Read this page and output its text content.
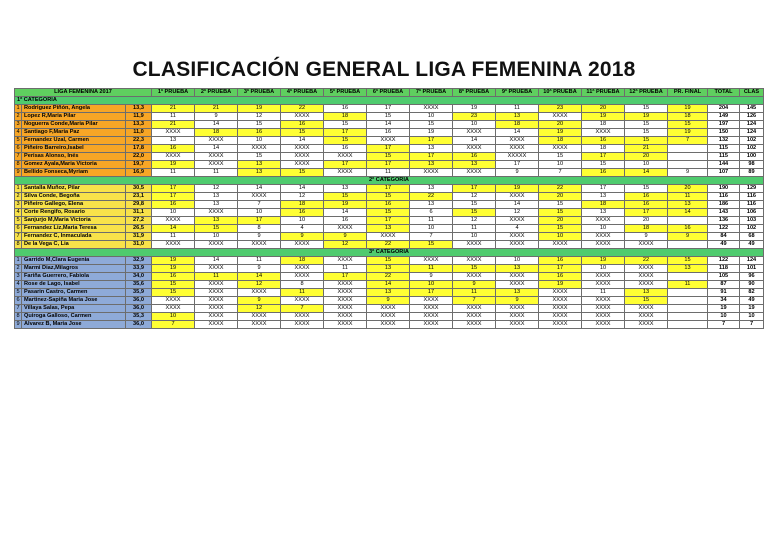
CLASIFICACIÓN GENERAL LIGA FEMENINA 2018
LIGA FEMENINA 2017			1ª PRUEBA	2ª PRUEBA	3ª PRUEBA	4ª PRUEBA	5ª PRUEBA	6ª PRUEBA	7ª PRUEBA	8ª PRUEBA	9ª PRUEBA	10ª PRUEBA	11ª PRUEBA	12ª PRUEBA	PR. FINAL	TOTAL	CLAS
1ª CATEGORIA																	
1	Rodriguez Piñón, Angela	13,3	21	21	19	22	16	17	XXXX	19	11	23	20	15	19	204	145
2	Lopez R,Maria Pilar	11,9	11	9	12	XXXX	18	15	10	23	13	XXXX	19	19	18	149	126
3	Noguerra Conde,Maria Pilar	13,3	21	14	15	16	15	14	15	10	18	20	18	15	15	197	124
4	Santiago F,Maria Paz	11,0	XXXX	18	16	15	17	16	19	XXXX	14	19	XXXX	15	19	150	124
5	Fernandez Uzal, Carmen	22,3	13	XXXX	10	14	15	XXXX	17	14	XXXX	18	16	15	7	132	102
6	Piñeiro Barreiro,Isabel	17,8	16	14	XXXX	XXXX	16	17	13	XXXX	XXXX	XXXX	18	21		115	102
7	Perisas Alonso, Inés	22,0	XXXX	XXXX	15	XXXX	XXXX	15	17	16	XXXXX	15	17	20		115	100
8	Gomez Ayala,Maria Victoria	19,7	19	XXXX	13	XXXX	17	17	13	13	17	10	15	10		144	98
9	Bellido Fonseca,Myriam	16,9	11	11	13	15	XXXX	11	XXXX	XXXX	9	7	16	14	9	107	89
2ª CATEGORIA																	
1	Santalla Muñoz, Pilar	30,5	17	12	14	14	13	17	13	17	19	22	17	15	20	190	129
2	Silva Conde, Begoña	23,1	17	13	XXXX	12	15	15	22	12	XXXX	20	13	16	11	116	116
3	Piñeiro Gallego, Elena	29,8	16	13	7	18	19	16	13	15	14	15	18	16	13	186	116
4	Corte Rengifo, Rosario	31,1	10	XXXX	10	16	14	15	6	15	12	15	13	17	14	143	106
5	Sanjurjo M,Maria Victoria	27,2	XXXX	13	17	10	16	17	11	12	XXXX	20	XXXX	20		136	103
6	Fernandez Liz,Maria Teresa	26,5	14	15	8	4	XXXX	13	10	11	4	15	10	18	16	122	102
7	Fernandez C, Inmaculada	31,9	11	10	9	9	9	XXXX	7	10	XXXX	10	XXXX	9	9	84	68
8	De la Vega C, Lia	31,0	XXXX	XXXX	XXXX	XXXX	12	22	15	XXXX	XXXX	XXXX	XXXX	XXXX		49	49
3ª CATEGORIA																	
1	Garrido M,Clara Eugenia	32,9	19	14	11	18	XXXX	15	XXXX	XXXX	10	16	19	22	15	122	124
2	Marmi Diaz,Milagros	33,9	19	XXXX	9	XXXX	11	13	11	15	13	17	10	XXXX	13	118	101
3	Fariña Guerrero, Fabiola	34,0	16	11	14	XXXX	17	22	9	XXXX	XXXX	16	XXXX	XXXX		105	96
4	Rose de Lago, Isabel	35,6	15	XXXX	12	8	XXXX	14	10	9	XXXX	19	XXXX	XXXX	11	87	90
5	Pasarin Castro, Carmen	35,9	15	XXXX	XXXX	11	XXXX	13	17	11	13	XXXX	11	13		91	82
6	Martinez-Sapiña Maria Jose	36,0	XXXX	XXXX	9	XXXX	XXXX	9	XXXX	7	9	XXXX	XXXX	15		34	49
7	Villaya Salas, Pepa	36,0	XXXX	XXXX	12	7	XXXX	XXXX	XXXX	XXXX	XXXX	XXXX	XXXX	XXXX		19	19
8	Quiroga Galloso, Carmen	35,3	10	XXXX	XXXX	XXXX	XXXX	XXXX	XXXX	XXXX	XXXX	XXXX	XXXX	XXXX		10	10
9	Alvarez B, Maria Jose	36,0	7	XXXX	XXXX	XXXX	XXXX	XXXX	XXXX	XXXX	XXXX	XXXX	XXXX	XXXX		7	7
